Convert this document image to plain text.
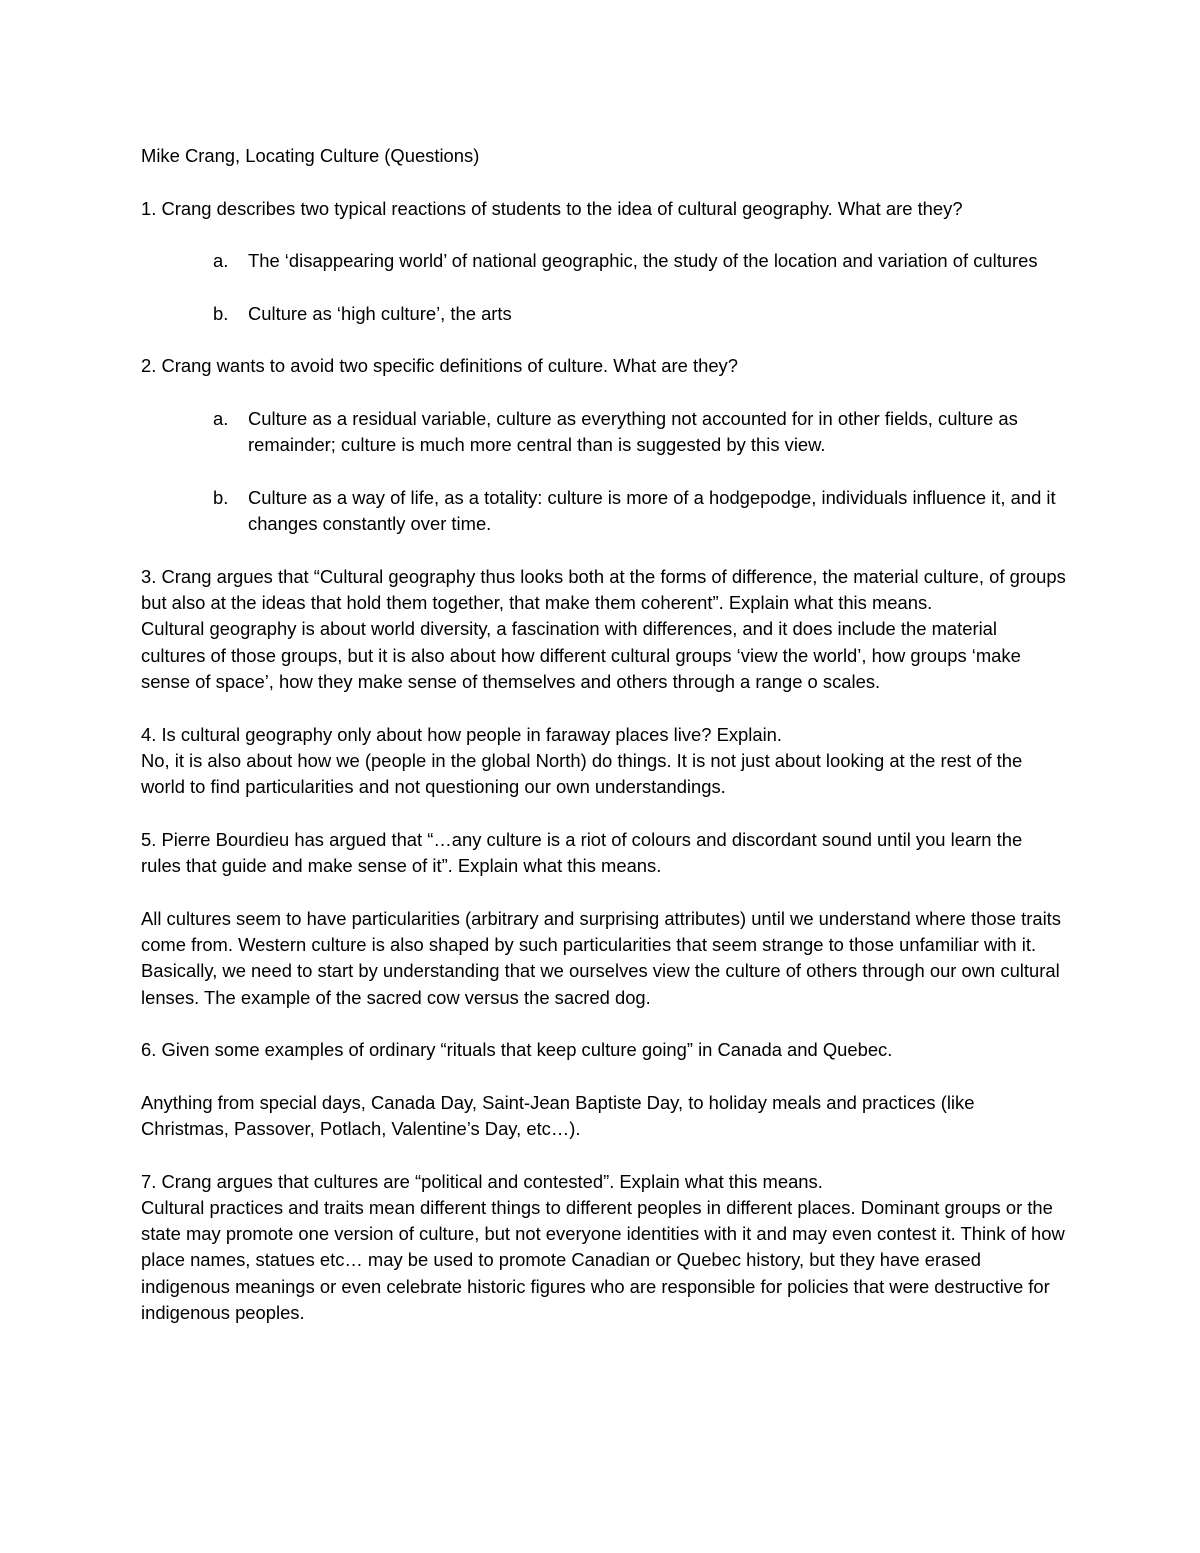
Mike Crang, Locating Culture (Questions)

1. Crang describes two typical reactions of students to the idea of cultural geography. What are they?

a. The ‘disappearing world’ of national geographic, the study of the location and variation of cultures

b. Culture as ‘high culture’, the arts

2. Crang wants to avoid two specific definitions of culture. What are they?

a. Culture as a residual variable, culture as everything not accounted for in other fields, culture as remainder; culture is much more central than is suggested by this view.

b. Culture as a way of life, as a totality: culture is more of a hodgepodge, individuals influence it, and it changes constantly over time.

3. Crang argues that “Cultural geography thus looks both at the forms of difference, the material culture, of groups but also at the ideas that hold them together, that make them coherent”. Explain what this means.

Cultural geography is about world diversity, a fascination with differences, and it does include the material cultures of those groups, but it is also about how different cultural groups ‘view the world’, how groups ‘make sense of space’, how they make sense of themselves and others through a range o scales.

4. Is cultural geography only about how people in faraway places live? Explain.

No, it is also about how we (people in the global North) do things. It is not just about looking at the rest of the world to find particularities and not questioning our own understandings.

5. Pierre Bourdieu has argued that “…any culture is a riot of colours and discordant sound until you learn the rules that guide and make sense of it”. Explain what this means.

All cultures seem to have particularities (arbitrary and surprising attributes) until we understand where those traits come from. Western culture is also shaped by such particularities that seem strange to those unfamiliar with it. Basically, we need to start by understanding that we ourselves view the culture of others through our own cultural lenses. The example of the sacred cow versus the sacred dog.

6. Given some examples of ordinary “rituals that keep culture going” in Canada and Quebec.

Anything from special days, Canada Day, Saint-Jean Baptiste Day, to holiday meals and practices (like Christmas, Passover, Potlach, Valentine’s Day, etc…).

7. Crang argues that cultures are “political and contested”. Explain what this means.

Cultural practices and traits mean different things to different peoples in different places. Dominant groups or the state may promote one version of culture, but not everyone identities with it and may even contest it. Think of how place names, statues etc… may be used to promote Canadian or Quebec history, but they have erased indigenous meanings or even celebrate historic figures who are responsible for policies that were destructive for indigenous peoples.
